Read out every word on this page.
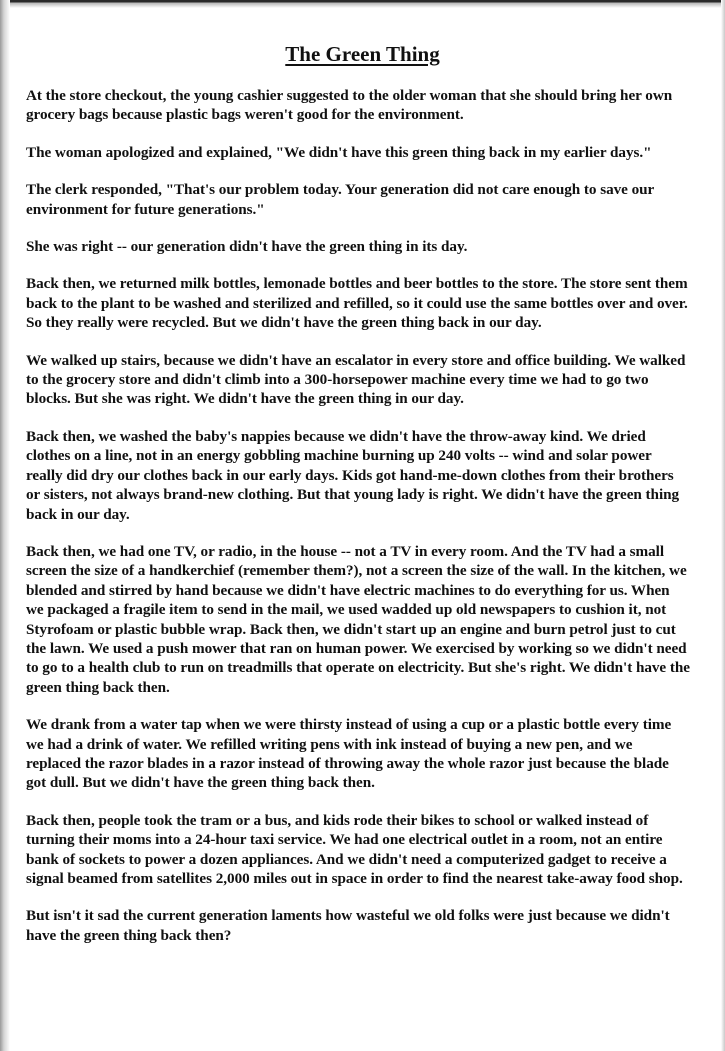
The Green Thing

At the store checkout, the young cashier suggested to the older woman that she should bring her own grocery bags because plastic bags weren't good for the environment.

The woman apologized and explained, "We didn't have this green thing back in my earlier days."

The clerk responded, "That's our problem today. Your generation did not care enough to save our environment for future generations."

She was right -- our generation didn't have the green thing in its day.

Back then, we returned milk bottles, lemonade bottles and beer bottles to the store. The store sent them back to the plant to be washed and sterilized and refilled, so it could use the same bottles over and over. So they really were recycled. But we didn't have the green thing back in our day.

We walked up stairs, because we didn't have an escalator in every store and office building. We walked to the grocery store and didn't climb into a 300-horsepower machine every time we had to go two blocks. But she was right. We didn't have the green thing in our day.

Back then, we washed the baby's nappies because we didn't have the throw-away kind. We dried clothes on a line, not in an energy gobbling machine burning up 240 volts -- wind and solar power really did dry our clothes back in our early days. Kids got hand-me-down clothes from their brothers or sisters, not always brand-new clothing. But that young lady is right. We didn't have the green thing back in our day.

Back then, we had one TV, or radio, in the house -- not a TV in every room. And the TV had a small screen the size of a handkerchief (remember them?), not a screen the size of the wall. In the kitchen, we blended and stirred by hand because we didn't have electric machines to do everything for us. When we packaged a fragile item to send in the mail, we used wadded up old newspapers to cushion it, not Styrofoam or plastic bubble wrap. Back then, we didn't start up an engine and burn petrol just to cut the lawn. We used a push mower that ran on human power. We exercised by working so we didn't need to go to a health club to run on treadmills that operate on electricity. But she's right. We didn't have the green thing back then.

We drank from a water tap when we were thirsty instead of using a cup or a plastic bottle every time we had a drink of water. We refilled writing pens with ink instead of buying a new pen, and we replaced the razor blades in a razor instead of throwing away the whole razor just because the blade got dull. But we didn't have the green thing back then.

Back then, people took the tram or a bus, and kids rode their bikes to school or walked instead of turning their moms into a 24-hour taxi service. We had one electrical outlet in a room, not an entire bank of sockets to power a dozen appliances. And we didn't need a computerized gadget to receive a signal beamed from satellites 2,000 miles out in space in order to find the nearest take-away food shop.

But isn't it sad the current generation laments how wasteful we old folks were just because we didn't have the green thing back then?
